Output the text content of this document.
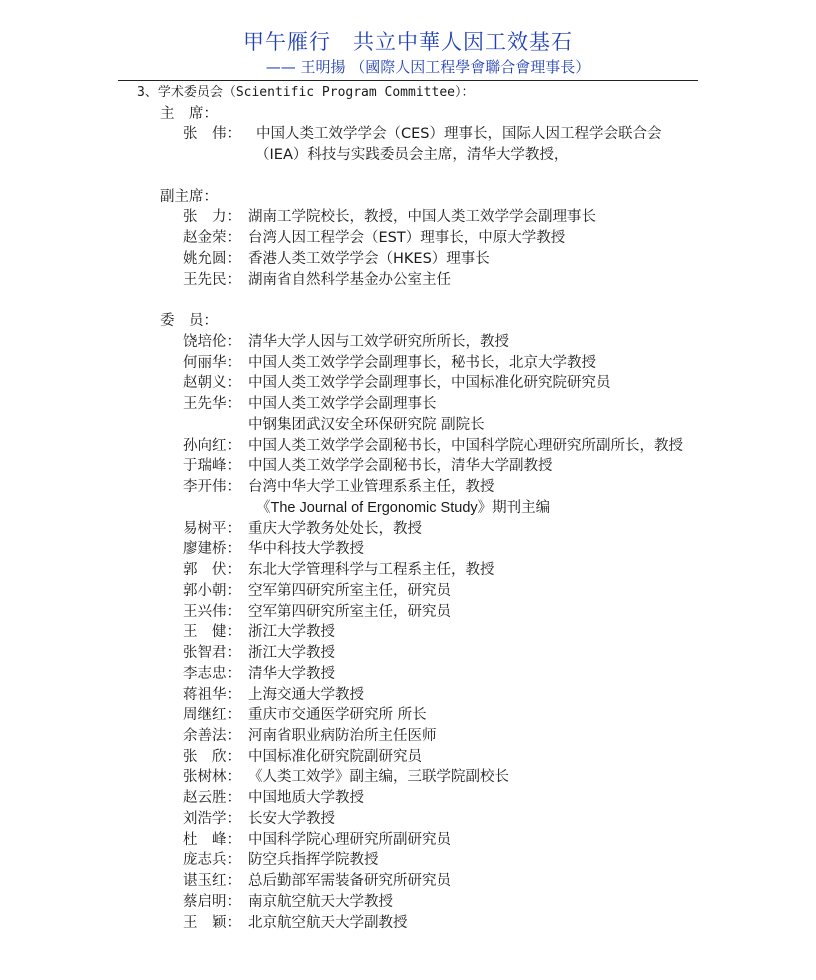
甲午雁行　共立中華人因工效基石
—— 王明揚 （國際人因工程學會聯合會理事長）
3、学术委员会（Scientific Program Committee）：
主　席：
张　伟： 中国人类工效学学会（CES）理事长，国际人因工程学会联合会
（IEA）科技与实践委员会主席，清华大学教授，
副主席：
张　力： 湖南工学院校长，教授，中国人类工效学学会副理事长
赵金荣： 台湾人因工程学会（EST）理事长，中原大学教授
姚允圆： 香港人类工效学学会（HKES）理事长
王先民： 湖南省自然科学基金办公室主任
委　员：
饶培伦： 清华大学人因与工效学研究所所长，教授
何丽华： 中国人类工效学学会副理事长，秘书长，北京大学教授
赵朝义： 中国人类工效学学会副理事长，中国标准化研究院研究员
王先华： 中国人类工效学学会副理事长
中钢集团武汉安全环保研究院 副院长
孙向红： 中国人类工效学学会副秘书长，中国科学院心理研究所副所长，教授
于瑞峰： 中国人类工效学学会副秘书长，清华大学副教授
李开伟： 台湾中华大学工业管理系系主任，教授
《The Journal of Ergonomic Study》期刊主编
易树平： 重庆大学教务处处长，教授
廖建桥： 华中科技大学教授
郭　伏： 东北大学管理科学与工程系主任，教授
郭小朝： 空军第四研究所室主任，研究员
王兴伟： 空军第四研究所室主任，研究员
王　健： 浙江大学教授
张智君： 浙江大学教授
李志忠： 清华大学教授
蒋祖华： 上海交通大学教授
周继红： 重庆市交通医学研究所 所长
余善法： 河南省职业病防治所主任医师
张　欣： 中国标准化研究院副研究员
张树林： 《人类工效学》副主编，三联学院副校长
赵云胜： 中国地质大学教授
刘浩学： 长安大学教授
杜　峰： 中国科学院心理研究所副研究员
庞志兵： 防空兵指挥学院教授
谌玉红： 总后勤部军需装备研究所研究员
蔡启明： 南京航空航天大学教授
王　颖： 北京航空航天大学副教授
